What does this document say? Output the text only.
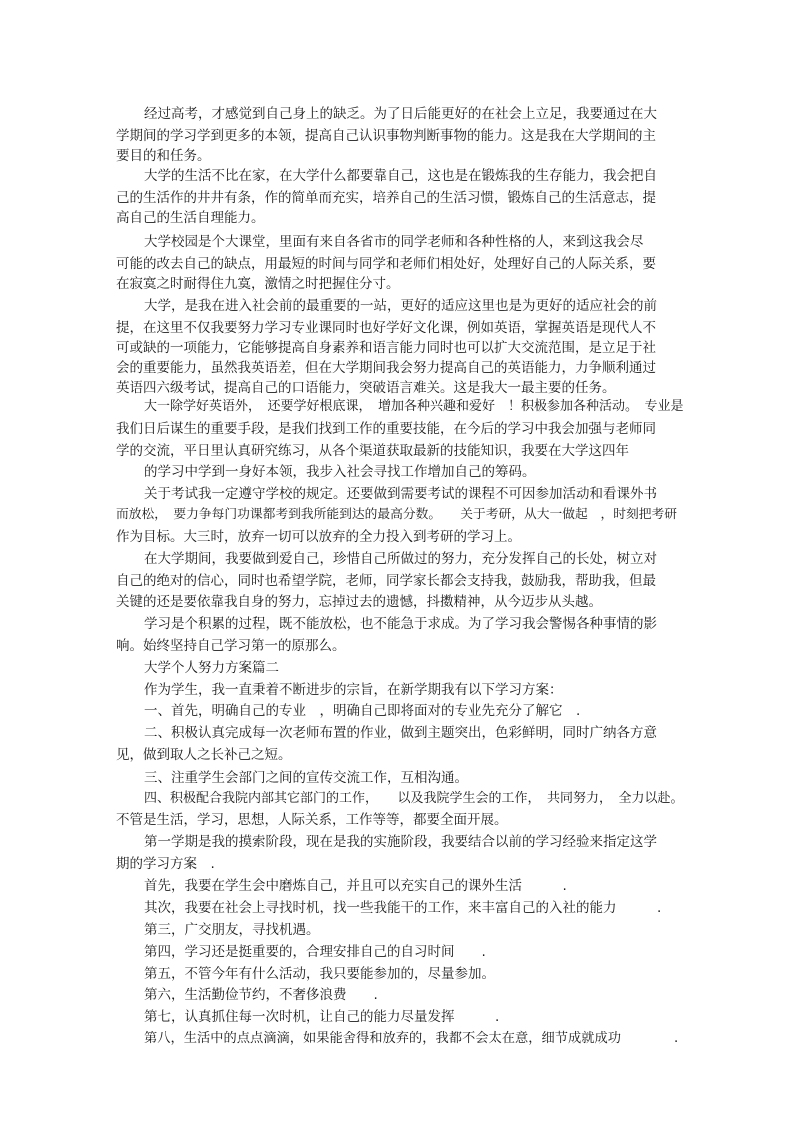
经过高考，才感觉到自己身上的缺乏。为了日后能更好的在社会上立足，我要通过在大

学期间的学习学到更多的本领，提高自己认识事物判断事物的能力。这是我在大学期间的主

要目的和任务。

大学的生活不比在家，在大学什么都要靠自己，这也是在锻炼我的生存能力，我会把自

己的生活作的井井有条，作的简单而充实，培养自己的生活习惯，锻炼自己的生活意志，提

高自己的生活自理能力。

大学校园是个大课堂，里面有来自各省市的同学老师和各种性格的人，来到这我会尽

可能的改去自己的缺点，用最短的时间与同学和老师们相处好，处理好自己的人际关系，要

在寂寞之时耐得住九寞，激情之时把握住分寸。

大学，是我在进入社会前的最重要的一站，更好的适应这里也是为更好的适应社会的前

提，在这里不仅我要努力学习专业课同时也好学好文化课，例如英语，掌握英语是现代人不

可或缺的一项能力，它能够提高自身素养和语言能力同时也可以扩大交流范围，是立足于社

会的重要能力，虽然我英语差，但在大学期间我会努力提高自己的英语能力，力争顺利通过

英语四六级考试，提高自己的口语能力，突破语言难关。这是我大一最主要的任务。

大一除学好英语外，　还要学好根底课，　增加各种兴趣和爱好　！积极参加各种活动。　专业是

我们日后谋生的重要手段，是我们找到工作的重要技能，在今后的学习中我会加强与老师同

学的交流，平日里认真研究练习，从各个渠道获取最新的技能知识，我要在大学这四年

的学习中学到一身好本领，我步入社会寻找工作增加自己的筹码。

关于考试我一定遵守学校的规定。还要做到需要考试的课程不可因参加活动和看课外书

而放松，　要力争每门功课都考到我所能到达的最高分数。　　关于考研，从大一做起　，时刻把考研

作为目标。大三时，放弃一切可以放弃的全力投入到考研的学习上。

在大学期间，我要做到爱自己，珍惜自己所做过的努力，充分发挥自己的长处，树立对

自己的绝对的信心，同时也希望学院，老师，同学家长都会支持我，鼓励我，帮助我，但最

关键的还是要依靠我自身的努力，忘掉过去的遗憾，抖擞精神，从今迈步从头越。

学习是个积累的过程，既不能放松，也不能急于求成。为了学习我会警惕各种事情的影

响。始终坚持自己学习第一的原那么。

大学个人努力方案篇二

作为学生，我一直秉着不断进步的宗旨，在新学期我有以下学习方案：

一、首先，明确自己的专业　，明确自己即将面对的专业先充分了解它　.

二、积极认真完成每一次老师布置的作业，做到主题突出，色彩鲜明，同时广纳各方意

见，做到取人之长补己之短。

三、注重学生会部门之间的宣传交流工作，互相沟通。

四、积极配合我院内部其它部门的工作，　　以及我院学生会的工作，　共同努力，　全力以赴。

不管是生活，学习，思想，人际关系，工作等等，都要全面开展。

第一学期是我的摸索阶段，现在是我的实施阶段，我要结合以前的学习经验来指定这学

期的学习方案　.

首先，我要在学生会中磨炼自己，并且可以充实自己的课外生活　　　.

其次，我要在社会上寻找时机，找一些我能干的工作，来丰富自己的入社的能力　　　.

第三，广交朋友，寻找机遇。

第四，学习还是挺重要的，合理安排自己的自习时间　　.

第五，不管今年有什么活动，我只要能参加的，尽量参加。

第六，生活勤俭节约，不奢侈浪费　　.

第七，认真抓住每一次时机，让自己的能力尽量发挥　　　.

第八，生活中的点点滴滴，如果能舍得和放弃的，我都不会太在意，细节成就成功　　　　.
